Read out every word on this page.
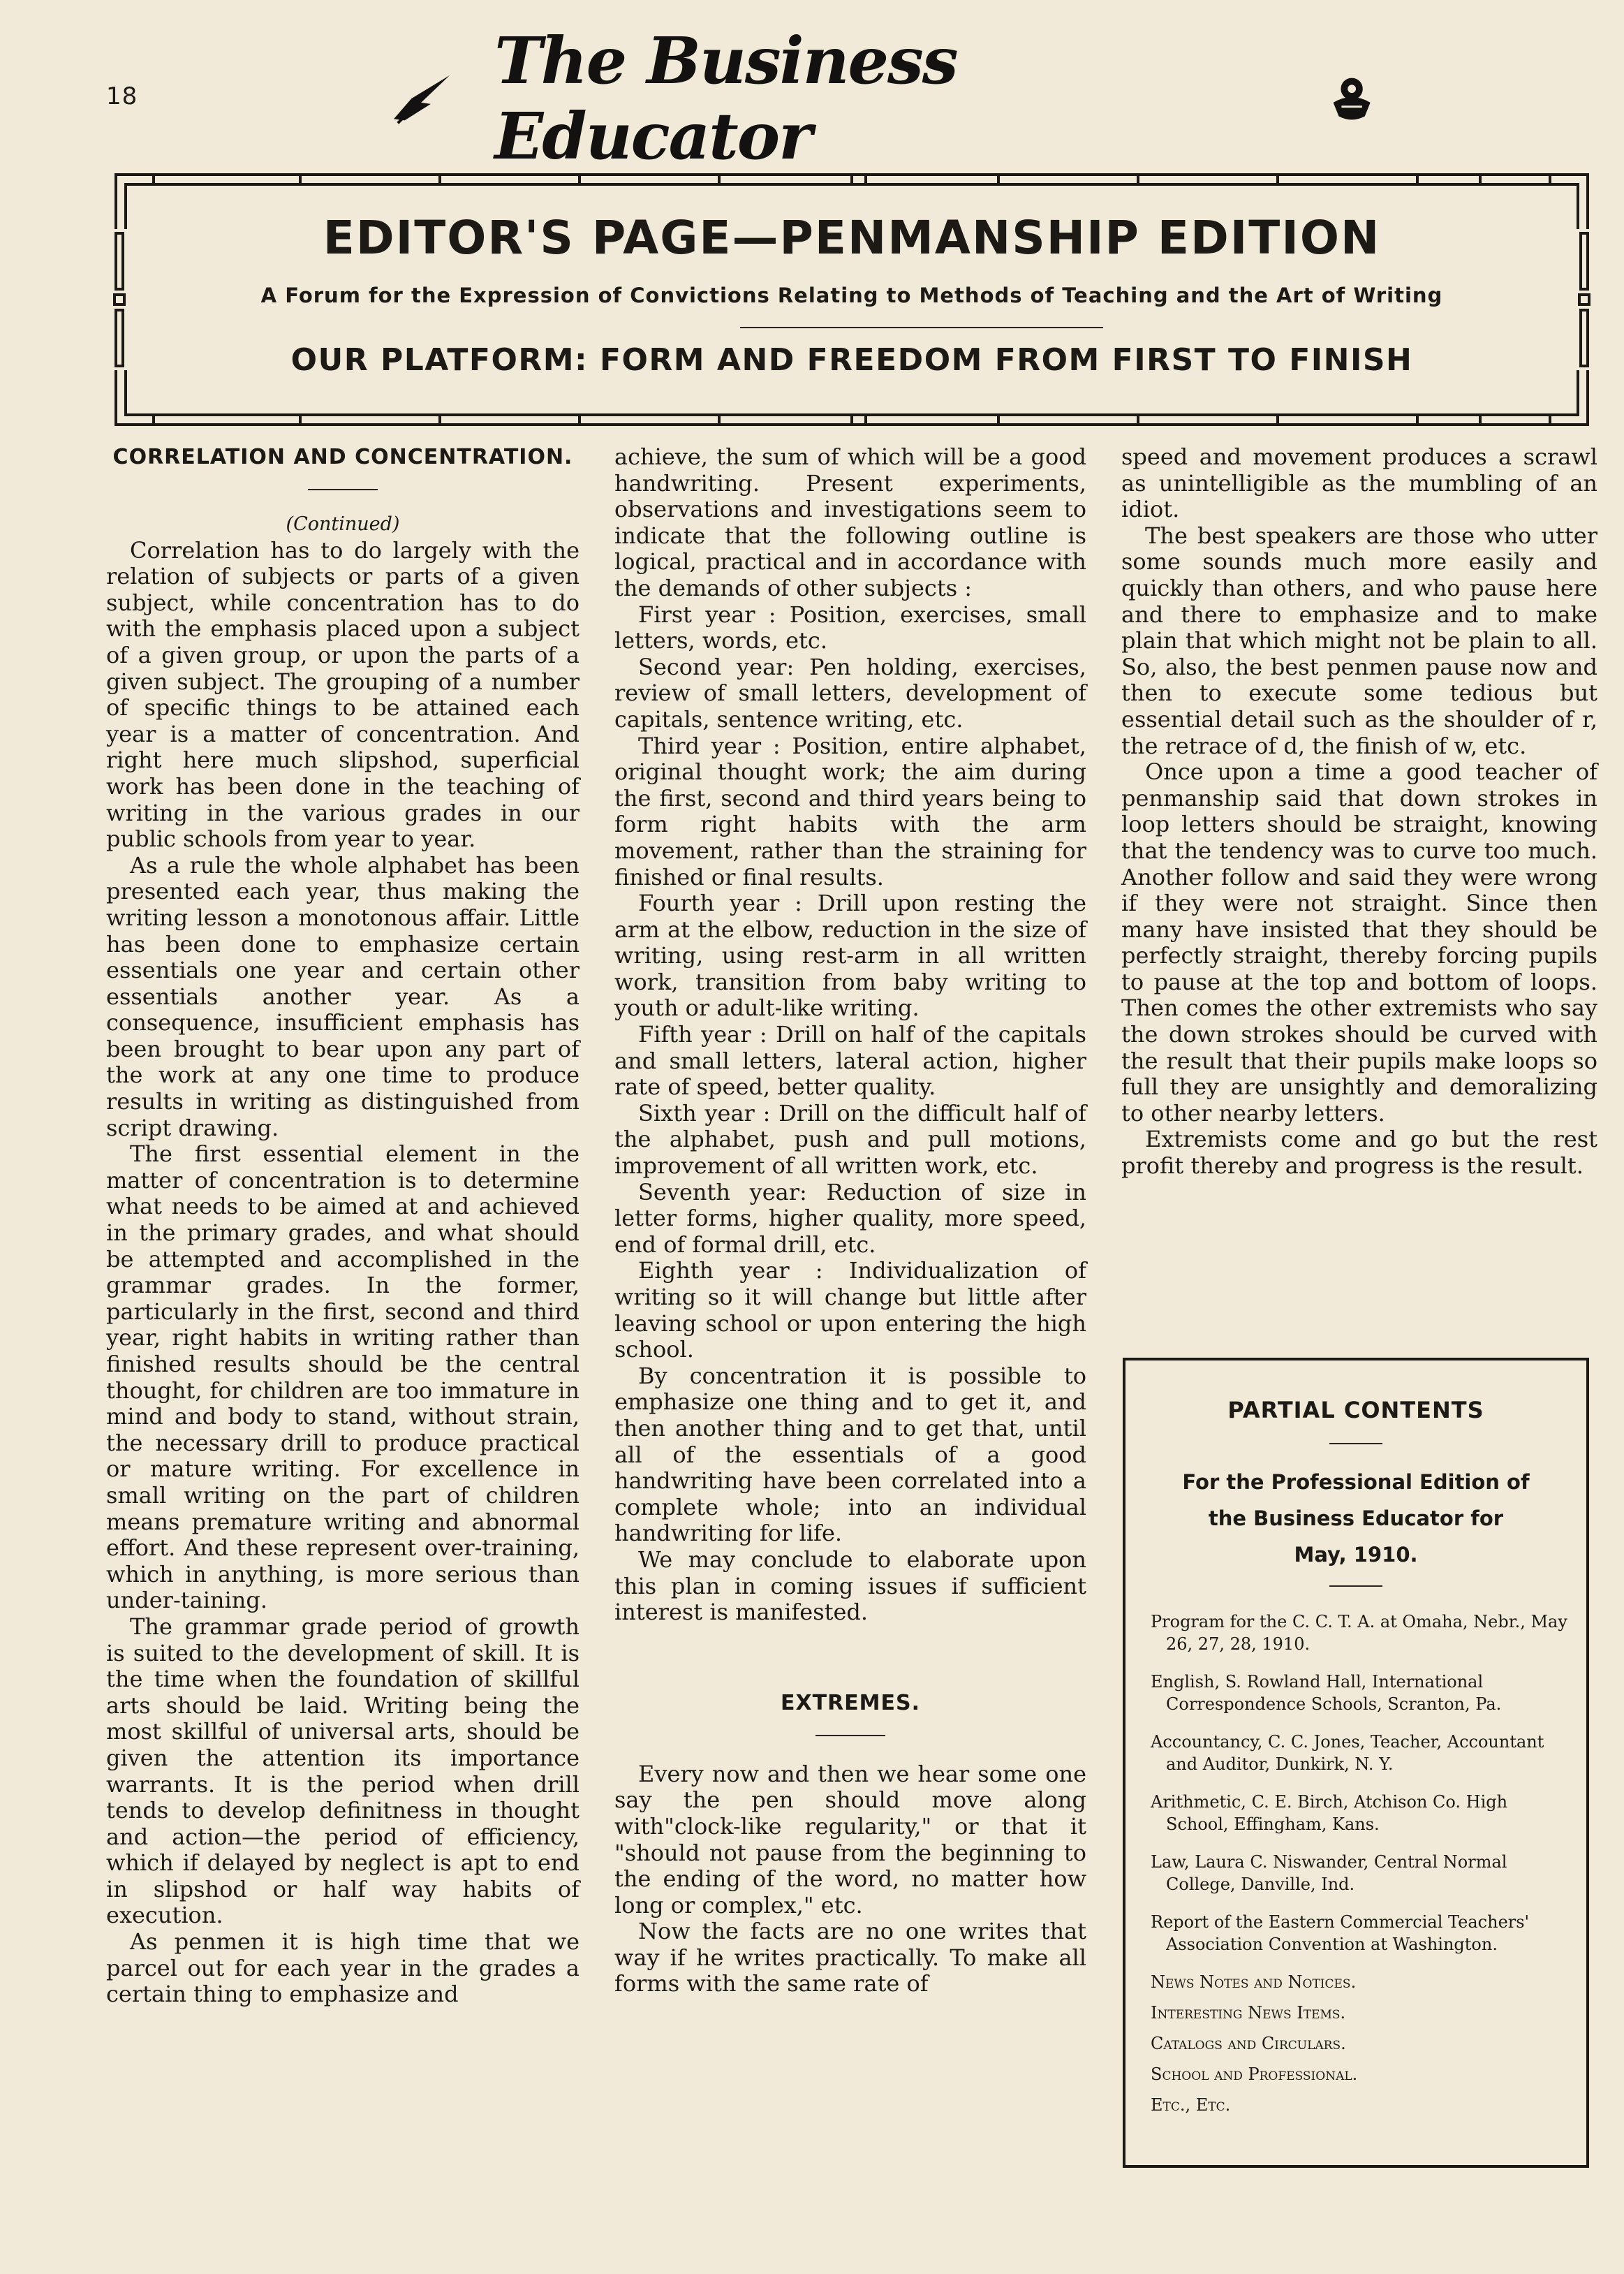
18	The Business Educator
EDITOR'S PAGE—PENMANSHIP EDITION
A Forum for the Expression of Convictions Relating to Methods of Teaching and the Art of Writing
OUR PLATFORM: FORM AND FREEDOM FROM FIRST TO FINISH
CORRELATION AND CONCENTRATION.

(Continued)

Correlation has to do largely with the relation of subjects or parts of a given subject, while concentration has to do with the emphasis placed upon a subject of a given group, or upon the parts of a given subject. The grouping of a number of specific things to be attained each year is a matter of concentration. And right here much slipshod, superficial work has been done in the teaching of writing in the various grades in our public schools from year to year.

As a rule the whole alphabet has been presented each year, thus making the writing lesson a monotonous affair. Little has been done to emphasize certain essentials one year and certain other essentials another year. As a consequence, insufficient emphasis has been brought to bear upon any part of the work at any one time to produce results in writing as distinguished from script drawing.

The first essential element in the matter of concentration is to determine what needs to be aimed at and achieved in the primary grades, and what should be attempted and accomplished in the grammar grades. In the former, particularly in the first, second and third year, right habits in writing rather than finished results should be the central thought, for children are too immature in mind and body to stand, without strain, the necessary drill to produce practical or mature writing. For excellence in small writing on the part of children means premature writing and abnormal effort. And these represent over-training, which in anything, is more serious than under-taining.

The grammar grade period of growth is suited to the development of skill. It is the time when the foundation of skillful arts should be laid. Writing being the most skillful of universal arts, should be given the attention its importance warrants. It is the period when drill tends to develop definitness in thought and action—the period of efficiency, which if delayed by neglect is apt to end in slipshod or half way habits of execution.

As penmen it is high time that we parcel out for each year in the grades a certain thing to emphasize and

achieve, the sum of which will be a good handwriting. Present experiments, observations and investigations seem to indicate that the following outline is logical, practical and in accordance with the demands of other subjects :

First year : Position, exercises, small letters, words, etc.

Second year: Pen holding, exercises, review of small letters, development of capitals, sentence writing, etc.

Third year : Position, entire alphabet, original thought work; the aim during the first, second and third years being to form right habits with the arm movement, rather than the straining for finished or final results.

Fourth year : Drill upon resting the arm at the elbow, reduction in the size of writing, using rest-arm in all written work, transition from baby writing to youth or adult-like writing.

Fifth year : Drill on half of the capitals and small letters, lateral action, higher rate of speed, better quality.

Sixth year : Drill on the difficult half of the alphabet, push and pull motions, improvement of all written work, etc.

Seventh year: Reduction of size in letter forms, higher quality, more speed, end of formal drill, etc.

Eighth year : Individualization of writing so it will change but little after leaving school or upon entering the high school.

By concentration it is possible to emphasize one thing and to get it, and then another thing and to get that, until all of the essentials of a good handwriting have been correlated into a complete whole; into an individual handwriting for life.

We may conclude to elaborate upon this plan in coming issues if sufficient interest is manifested.

EXTREMES.

Every now and then we hear some one say the pen should move along with"clock-like regularity," or that it "should not pause from the beginning to the ending of the word, no matter how long or complex," etc.

Now the facts are no one writes that way if he writes practically. To make all forms with the same rate of

speed and movement produces a scrawl as unintelligible as the mumbling of an idiot.

The best speakers are those who utter some sounds much more easily and quickly than others, and who pause here and there to emphasize and to make plain that which might not be plain to all. So, also, the best penmen pause now and then to execute some tedious but essential detail such as the shoulder of r, the retrace of d, the finish of w, etc.

Once upon a time a good teacher of penmanship said that down strokes in loop letters should be straight, knowing that the tendency was to curve too much. Another follow and said they were wrong if they were not straight. Since then many have insisted that they should be perfectly straight, thereby forcing pupils to pause at the top and bottom of loops. Then comes the other extremists who say the down strokes should be curved with the result that their pupils make loops so full they are unsightly and demoralizing to other nearby letters.

Extremists come and go but the rest profit thereby and progress is the result.

PARTIAL CONTENTS
For the Professional Edition of
the Business Educator for
May, 1910.
Program for the C. C. T. A. at Omaha, Nebr., May 26, 27, 28, 1910.
English, S. Rowland Hall, International Correspondence Schools, Scranton, Pa.
Accountancy, C. C. Jones, Teacher, Accountant and Auditor, Dunkirk, N. Y.
Arithmetic, C. E. Birch, Atchison Co. High School, Effingham, Kans.
Law, Laura C. Niswander, Central Normal College, Danville, Ind.
Report of the Eastern Commercial Teachers' Association Convention at Washington.
News Notes and Notices.
Interesting News Items.
Catalogs and Circulars.
School and Professional.
Etc., Etc.
